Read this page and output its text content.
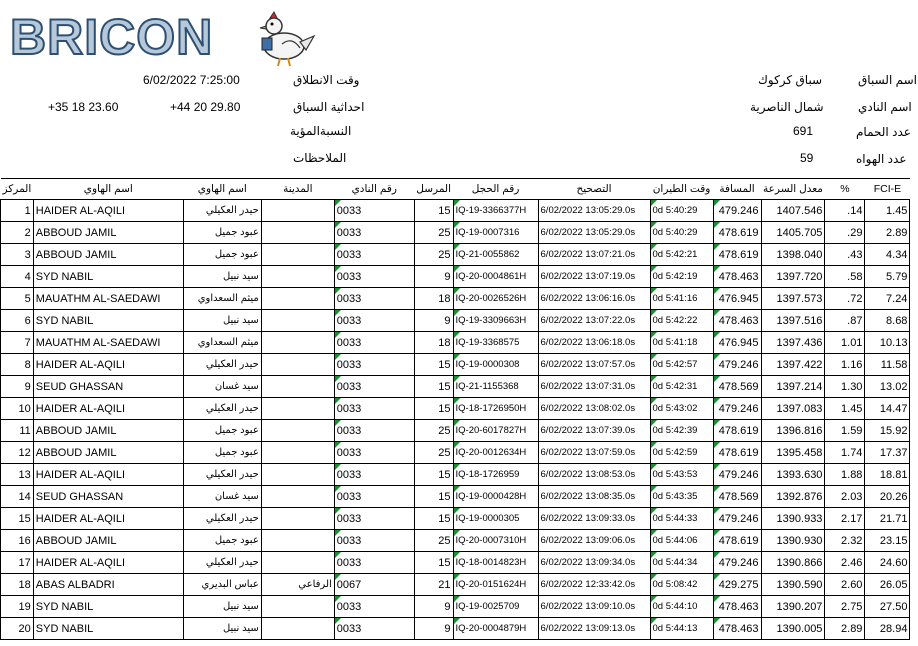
BRICON
اسم السباق
سباق كركوك
اسم النادي
شمال الناصرية
عدد الحمام
691
عدد الهواه
59
وقت الانطلاق
6/02/2022 7:25:00
احداثية السباق
+44 20 29.80
+35 18 23.60
النسبةالمؤية
الملاحظات
المركز	اسم الهاوي	اسم الهاوي	المدينة	رقم النادي	المرسل	رقم الحجل	التصحيح	وقت الطيران	المسافة	معدل السرعة	%	FCI-E
1	HAIDER AL-AQILI	حيدر العكيلي		0033	15	IQ-19-3366377H	6/02/2022 13:05:29.0s	0d 5:40:29	479.246	1407.546	.14	1.45
2	ABBOUD JAMIL	عبود جميل		0033	25	IQ-19-0007316	6/02/2022 13:05:29.0s	0d 5:40:29	478.619	1405.705	.29	2.89
3	ABBOUD JAMIL	عبود جميل		0033	25	IQ-21-0055862	6/02/2022 13:07:21.0s	0d 5:42:21	478.619	1398.040	.43	4.34
4	SYD NABIL	سيد نبيل		0033	9	IQ-20-0004861H	6/02/2022 13:07:19.0s	0d 5:42:19	478.463	1397.720	.58	5.79
5	MAUATHM AL-SAEDAWI	ميثم السعداوي		0033	18	IQ-20-0026526H	6/02/2022 13:06:16.0s	0d 5:41:16	476.945	1397.573	.72	7.24
6	SYD NABIL	سيد نبيل		0033	9	IQ-19-3309663H	6/02/2022 13:07:22.0s	0d 5:42:22	478.463	1397.516	.87	8.68
7	MAUATHM AL-SAEDAWI	ميثم السعداوي		0033	18	IQ-19-3368575	6/02/2022 13:06:18.0s	0d 5:41:18	476.945	1397.436	1.01	10.13
8	HAIDER AL-AQILI	حيدر العكيلي		0033	15	IQ-19-0000308	6/02/2022 13:07:57.0s	0d 5:42:57	479.246	1397.422	1.16	11.58
9	SEUD GHASSAN	سيد غسان		0033	15	IQ-21-1155368	6/02/2022 13:07:31.0s	0d 5:42:31	478.569	1397.214	1.30	13.02
10	HAIDER AL-AQILI	حيدر العكيلي		0033	15	IQ-18-1726950H	6/02/2022 13:08:02.0s	0d 5:43:02	479.246	1397.083	1.45	14.47
11	ABBOUD JAMIL	عبود جميل		0033	25	IQ-20-6017827H	6/02/2022 13:07:39.0s	0d 5:42:39	478.619	1396.816	1.59	15.92
12	ABBOUD JAMIL	عبود جميل		0033	25	IQ-20-0012634H	6/02/2022 13:07:59.0s	0d 5:42:59	478.619	1395.458	1.74	17.37
13	HAIDER AL-AQILI	حيدر العكيلي		0033	15	IQ-18-1726959	6/02/2022 13:08:53.0s	0d 5:43:53	479.246	1393.630	1.88	18.81
14	SEUD GHASSAN	سيد غسان		0033	15	IQ-19-0000428H	6/02/2022 13:08:35.0s	0d 5:43:35	478.569	1392.876	2.03	20.26
15	HAIDER AL-AQILI	حيدر العكيلي		0033	15	IQ-19-0000305	6/02/2022 13:09:33.0s	0d 5:44:33	479.246	1390.933	2.17	21.71
16	ABBOUD JAMIL	عبود جميل		0033	25	IQ-20-0007310H	6/02/2022 13:09:06.0s	0d 5:44:06	478.619	1390.930	2.32	23.15
17	HAIDER AL-AQILI	حيدر العكيلي		0033	15	IQ-18-0014823H	6/02/2022 13:09:34.0s	0d 5:44:34	479.246	1390.866	2.46	24.60
18	ABAS ALBADRI	عباس البديري	الرفاعي	0067	21	IQ-20-0151624H	6/02/2022 12:33:42.0s	0d 5:08:42	429.275	1390.590	2.60	26.05
19	SYD NABIL	سيد نبيل		0033	9	IQ-19-0025709	6/02/2022 13:09:10.0s	0d 5:44:10	478.463	1390.207	2.75	27.50
20	SYD NABIL	سيد نبيل		0033	9	IQ-20-0004879H	6/02/2022 13:09:13.0s	0d 5:44:13	478.463	1390.005	2.89	28.94
